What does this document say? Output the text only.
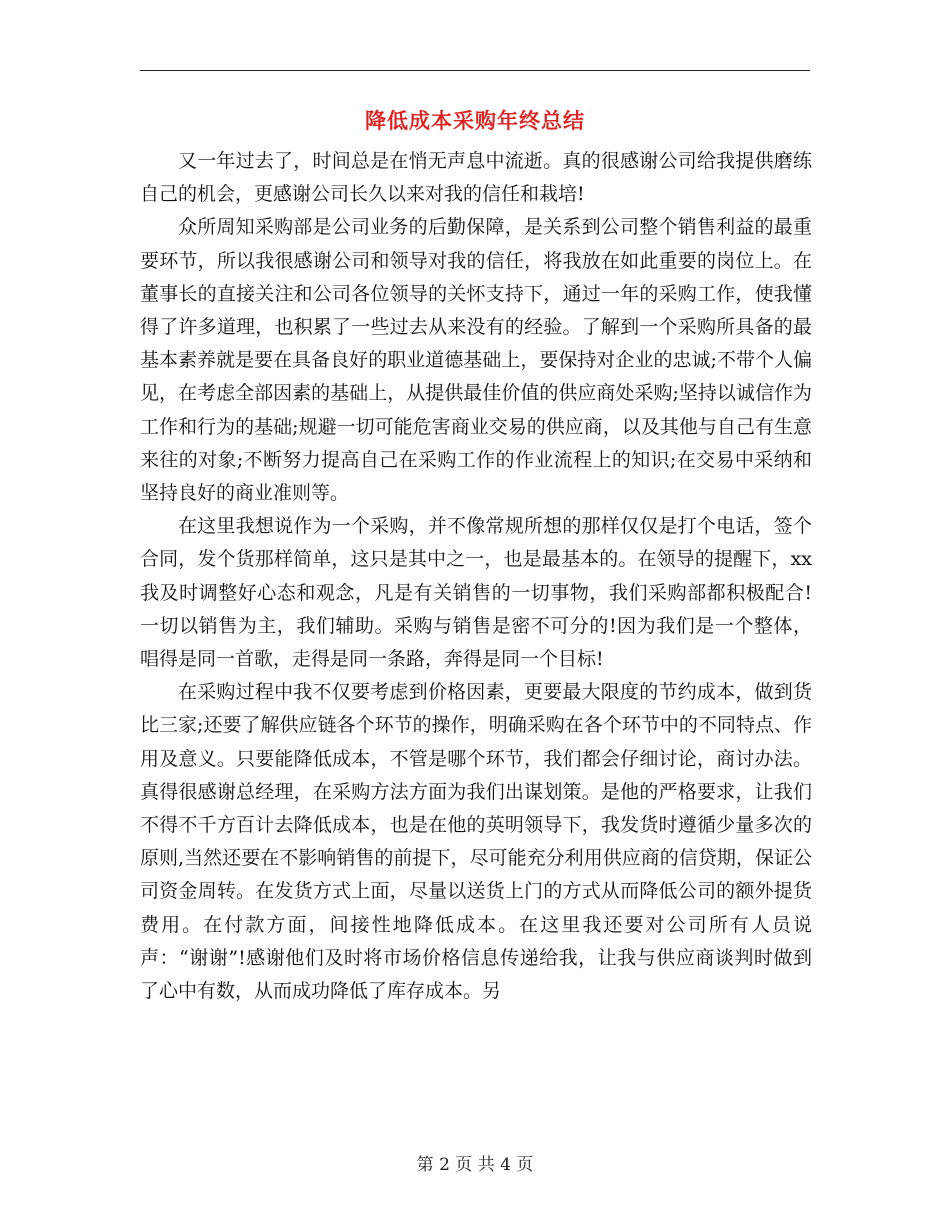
降低成本采购年终总结

又一年过去了，时间总是在悄无声息中流逝。真的很感谢公司给我提供磨练自己的机会，更感谢公司长久以来对我的信任和栽培!

众所周知采购部是公司业务的后勤保障，是关系到公司整个销售利益的最重要环节，所以我很感谢公司和领导对我的信任，将我放在如此重要的岗位上。在董事长的直接关注和公司各位领导的关怀支持下，通过一年的采购工作，使我懂得了许多道理，也积累了一些过去从来没有的经验。了解到一个采购所具备的最基本素养就是要在具备良好的职业道德基础上，要保持对企业的忠诚;不带个人偏见，在考虑全部因素的基础上，从提供最佳价值的供应商处采购;坚持以诚信作为工作和行为的基础;规避一切可能危害商业交易的供应商，以及其他与自己有生意来往的对象;不断努力提高自己在采购工作的作业流程上的知识;在交易中采纳和坚持良好的商业准则等。

在这里我想说作为一个采购，并不像常规所想的那样仅仅是打个电话，签个合同，发个货那样简单，这只是其中之一，也是最基本的。在领导的提醒下，xx我及时调整好心态和观念，凡是有关销售的一切事物，我们采购部都积极配合!一切以销售为主，我们辅助。采购与销售是密不可分的!因为我们是一个整体，唱得是同一首歌，走得是同一条路，奔得是同一个目标!

在采购过程中我不仅要考虑到价格因素，更要最大限度的节约成本，做到货比三家;还要了解供应链各个环节的操作，明确采购在各个环节中的不同特点、作用及意义。只要能降低成本，不管是哪个环节，我们都会仔细讨论，商讨办法。真得很感谢总经理，在采购方法方面为我们出谋划策。是他的严格要求，让我们不得不千方百计去降低成本，也是在他的英明领导下，我发货时遵循少量多次的原则,当然还要在不影响销售的前提下，尽可能充分利用供应商的信贷期，保证公司资金周转。在发货方式上面，尽量以送货上门的方式从而降低公司的额外提货费用。在付款方面，间接性地降低成本。在这里我还要对公司所有人员说声：“谢谢”!感谢他们及时将市场价格信息传递给我，让我与供应商谈判时做到了心中有数，从而成功降低了库存成本。另

第 2 页 共 4 页
